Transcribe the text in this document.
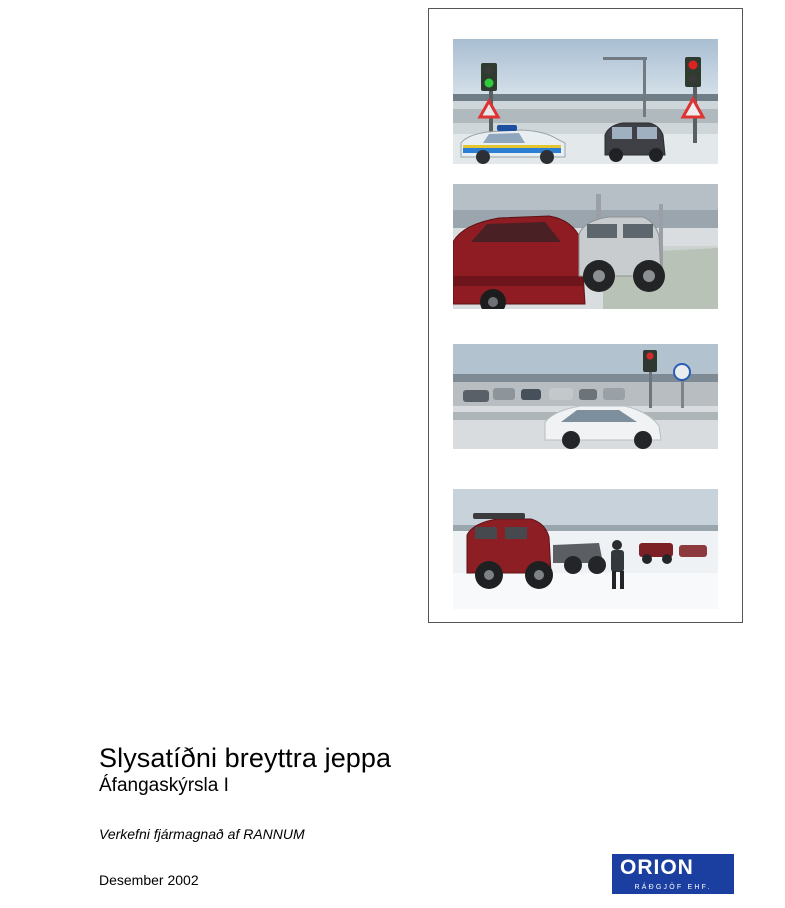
Slysatíðni breyttra jeppa
Áfangaskýrsla I

Verkefni fjármagnað af RANNUM

Desember 2002

ORION
RÁÐGJÖF EHF.
